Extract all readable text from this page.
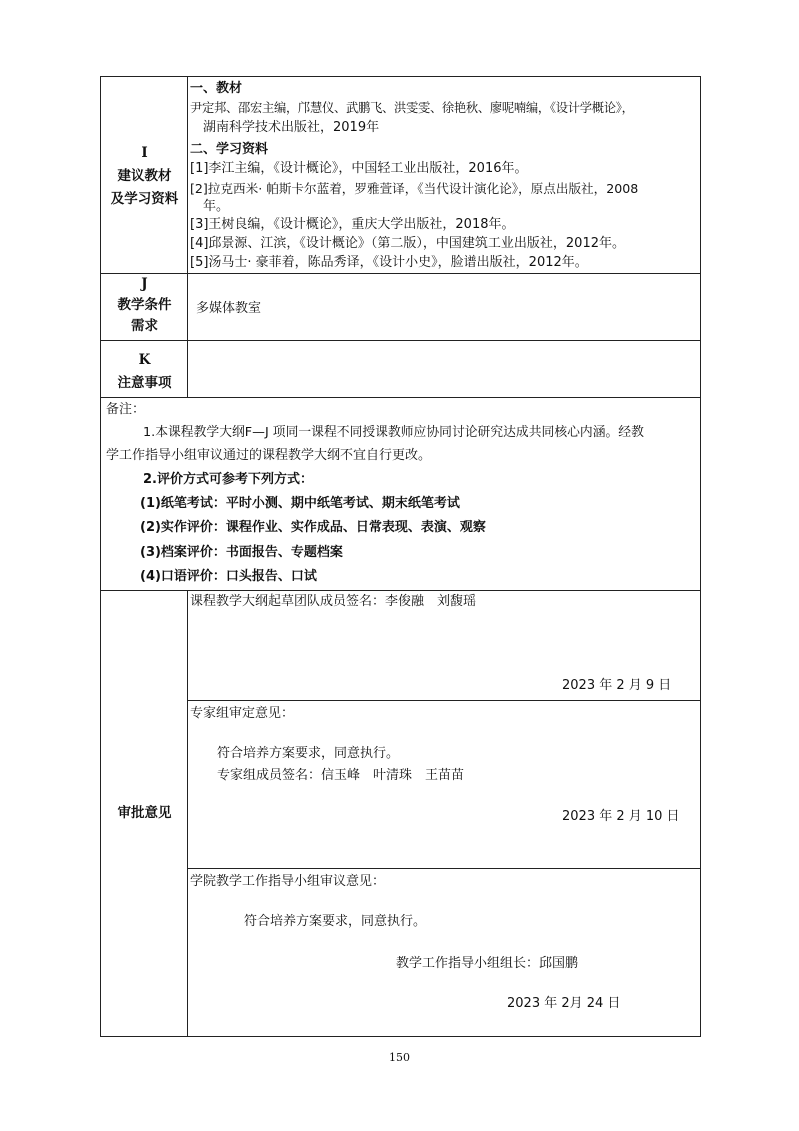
I
建议教材
及学习资料
一、教材
尹定邦、邵宏主编，邝慧仪、武鹏飞、洪雯雯、徐艳秋、廖呢喃编，《设计学概论》，
湖南科学技术出版社，2019年
二、学习资料
[1]李江主编，《设计概论》，中国轻工业出版社，2016年。
[2]拉克西米· 帕斯卡尔蓝着，罗雅萱译，《当代设计演化论》，原点出版社，2008
年。
[3]王树良编，《设计概论》，重庆大学出版社，2018年。
[4]邱景源、江滨，《设计概论》（第二版），中国建筑工业出版社，2012年。
[5]汤马士· 豪菲着，陈品秀译，《设计小史》，脸谱出版社，2012年。
J
教学条件
需求
多媒体教室
K
注意事项
备注：
1.本课程教学大纲F—J 项同一课程不同授课教师应协同讨论研究达成共同核心内涵。经教
学工作指导小组审议通过的课程教学大纲不宜自行更改。
2.评价方式可参考下列方式：
(1)纸笔考试：平时小测、期中纸笔考试、期末纸笔考试
(2)实作评价：课程作业、实作成品、日常表现、表演、观察
(3)档案评价：书面报告、专题档案
(4)口语评价：口头报告、口试
审批意见
课程教学大纲起草团队成员签名：李俊融　刘馥瑶
2023 年 2 月 9 日
专家组审定意见：
符合培养方案要求，同意执行。
专家组成员签名：信玉峰　叶清珠　王苗苗
2023 年 2 月 10 日
学院教学工作指导小组审议意见：
符合培养方案要求，同意执行。
教学工作指导小组组长：邱国鹏
2023 年 2月 24 日
150
